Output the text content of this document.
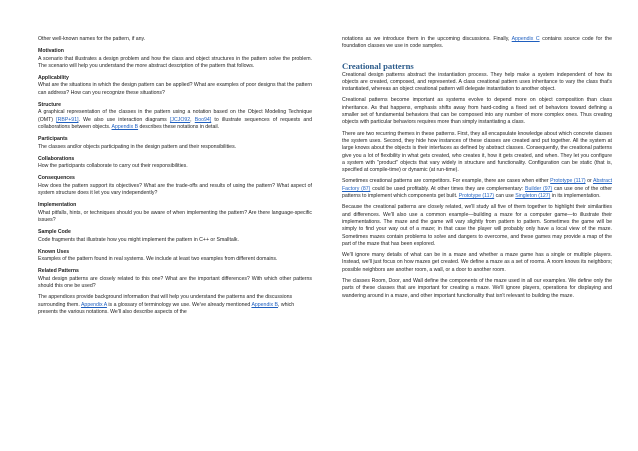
Other well-known names for the pattern, if any.

Motivation

A scenario that illustrates a design problem and how the class and object structures in the pattern solve the problem. The scenario will help you understand the more abstract description of the pattern that follows.

Applicability

What are the situations in which the design pattern can be applied? What are examples of poor designs that the pattern can address? How can you recognize these situations?

Structure

A graphical representation of the classes in the pattern using a notation based on the Object Modeling Technique (OMT) [RBP+91]. We also use interaction diagrams [JCJO92, Boo94] to illustrate sequences of requests and collaborations between objects. Appendix B describes these notations in detail.

Participants

The classes and/or objects participating in the design pattern and their responsibilities.

Collaborations

How the participants collaborate to carry out their responsibilities.

Consequences

How does the pattern support its objectives? What are the trade-offs and results of using the pattern? What aspect of system structure does it let you vary independently?

Implementation

What pitfalls, hints, or techniques should you be aware of when implementing the pattern? Are there language-specific issues?

Sample Code

Code fragments that illustrate how you might implement the pattern in C++ or Smalltalk.

Known Uses

Examples of the pattern found in real systems. We include at least two examples from different domains.

Related Patterns

What design patterns are closely related to this one? What are the important differences? With which other patterns should this one be used?

The appendices provide background information that will help you understand the patterns and the discussions surrounding them. Appendix A is a glossary of terminology we use. We've already mentioned Appendix B, which presents the various notations. We'll also describe aspects of the

notations as we introduce them in the upcoming discussions. Finally, Appendix C contains source code for the foundation classes we use in code samples.

Creational patterns

Creational design patterns abstract the instantiation process. They help make a system independent of how its objects are created, composed, and represented. A class creational pattern uses inheritance to vary the class that's instantiated, whereas an object creational pattern will delegate instantiation to another object.

Creational patterns become important as systems evolve to depend more on object composition than class inheritance. As that happens, emphasis shifts away from hard-coding a fixed set of behaviors toward defining a smaller set of fundamental behaviors that can be composed into any number of more complex ones. Thus creating objects with particular behaviors requires more than simply instantiating a class.

There are two recurring themes in these patterns. First, they all encapsulate knowledge about which concrete classes the system uses. Second, they hide how instances of these classes are created and put together. All the system at large knows about the objects is their interfaces as defined by abstract classes. Consequently, the creational patterns give you a lot of flexibility in what gets created, who creates it, how it gets created, and when. They let you configure a system with "product" objects that vary widely in structure and functionality. Configuration can be static (that is, specified at compile-time) or dynamic (at run-time).

Sometimes creational patterns are competitors. For example, there are cases when either Prototype (117) or Abstract Factory (87) could be used profitably. At other times they are complementary: Builder (97) can use one of the other patterns to implement which components get built. Prototype (117) can use Singleton (127) in its implementation.

Because the creational patterns are closely related, we'll study all five of them together to highlight their similarities and differences. We'll also use a common example—building a maze for a computer game—to illustrate their implementations. The maze and the game will vary slightly from pattern to pattern. Sometimes the game will be simply to find your way out of a maze; in that case the player will probably only have a local view of the maze. Sometimes mazes contain problems to solve and dangers to overcome, and these games may provide a map of the part of the maze that has been explored.

We'll ignore many details of what can be in a maze and whether a maze game has a single or multiple players. Instead, we'll just focus on how mazes get created. We define a maze as a set of rooms. A room knows its neighbors; possible neighbors are another room, a wall, or a door to another room.

The classes Room, Door, and Wall define the components of the maze used in all our examples. We define only the parts of these classes that are important for creating a maze. We'll ignore players, operations for displaying and wandering around in a maze, and other important functionality that isn't relevant to building the maze.
